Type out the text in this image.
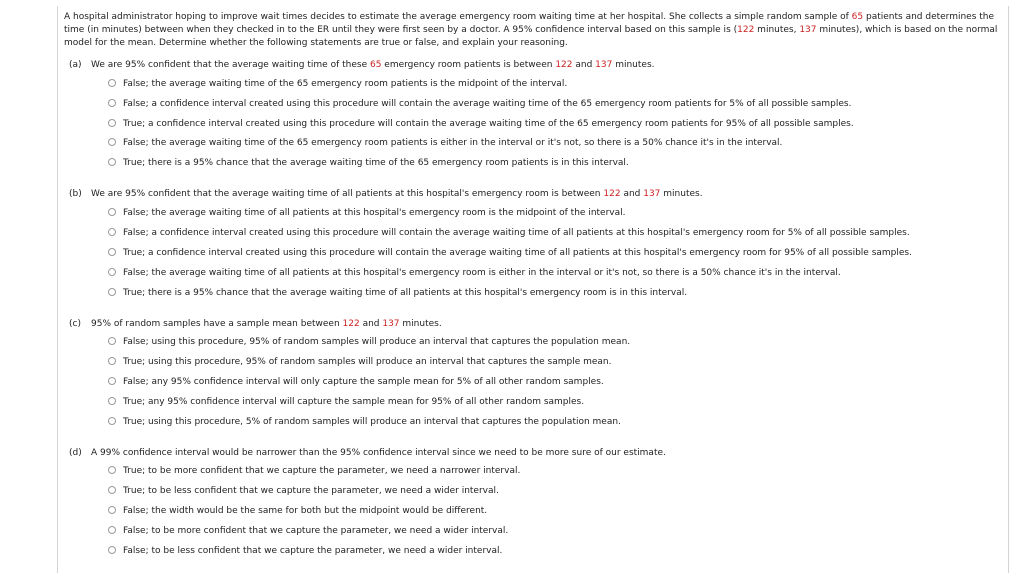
A hospital administrator hoping to improve wait times decides to estimate the average emergency room waiting time at her hospital. She collects a simple random sample of 65 patients and determines the time (in minutes) between when they checked in to the ER until they were first seen by a doctor. A 95% confidence interval based on this sample is (122 minutes, 137 minutes), which is based on the normal model for the mean. Determine whether the following statements are true or false, and explain your reasoning.
(a) We are 95% confident that the average waiting time of these 65 emergency room patients is between 122 and 137 minutes.
False; the average waiting time of the 65 emergency room patients is the midpoint of the interval.
False; a confidence interval created using this procedure will contain the average waiting time of the 65 emergency room patients for 5% of all possible samples.
True; a confidence interval created using this procedure will contain the average waiting time of the 65 emergency room patients for 95% of all possible samples.
False; the average waiting time of the 65 emergency room patients is either in the interval or it's not, so there is a 50% chance it's in the interval.
True; there is a 95% chance that the average waiting time of the 65 emergency room patients is in this interval.
(b) We are 95% confident that the average waiting time of all patients at this hospital's emergency room is between 122 and 137 minutes.
False; the average waiting time of all patients at this hospital's emergency room is the midpoint of the interval.
False; a confidence interval created using this procedure will contain the average waiting time of all patients at this hospital's emergency room for 5% of all possible samples.
True; a confidence interval created using this procedure will contain the average waiting time of all patients at this hospital's emergency room for 95% of all possible samples.
False; the average waiting time of all patients at this hospital's emergency room is either in the interval or it's not, so there is a 50% chance it's in the interval.
True; there is a 95% chance that the average waiting time of all patients at this hospital's emergency room is in this interval.
(c) 95% of random samples have a sample mean between 122 and 137 minutes.
False; using this procedure, 95% of random samples will produce an interval that captures the population mean.
True; using this procedure, 95% of random samples will produce an interval that captures the sample mean.
False; any 95% confidence interval will only capture the sample mean for 5% of all other random samples.
True; any 95% confidence interval will capture the sample mean for 95% of all other random samples.
True; using this procedure, 5% of random samples will produce an interval that captures the population mean.
(d) A 99% confidence interval would be narrower than the 95% confidence interval since we need to be more sure of our estimate.
True; to be more confident that we capture the parameter, we need a narrower interval.
True; to be less confident that we capture the parameter, we need a wider interval.
False; the width would be the same for both but the midpoint would be different.
False; to be more confident that we capture the parameter, we need a wider interval.
False; to be less confident that we capture the parameter, we need a wider interval.
